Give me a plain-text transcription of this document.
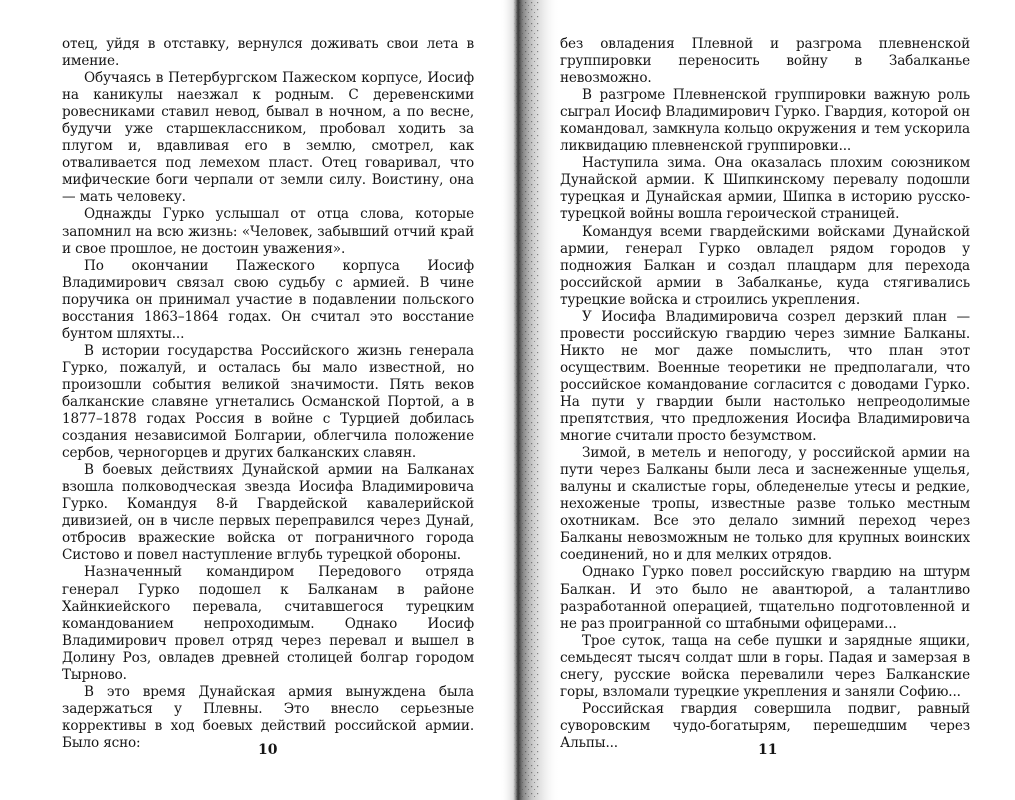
отец, уйдя в отставку, вернулся доживать свои лета в имение.

Обучаясь в Петербургском Пажеском корпусе, Иосиф на каникулы наезжал к родным. С деревенскими ровесниками ставил невод, бывал в ночном, а по весне, будучи уже старшеклассником, пробовал ходить за плугом и, вдавливая его в землю, смотрел, как отваливается под лемехом пласт. Отец говаривал, что мифические боги черпали от земли силу. Воистину, она — мать человеку.

Однажды Гурко услышал от отца слова, которые запомнил на всю жизнь: «Человек, забывший отчий край и свое прошлое, не достоин уважения».

По окончании Пажеского корпуса Иосиф Владимирович связал свою судьбу с армией. В чине поручика он принимал участие в подавлении польского восстания 1863–1864 годах. Он считал это восстание бунтом шляхты...

В истории государства Российского жизнь генерала Гурко, пожалуй, и осталась бы мало известной, но произошли события великой значимости. Пять веков балканские славяне угнетались Османской Портой, а в 1877–1878 годах Россия в войне с Турцией добилась создания независимой Болгарии, облегчила положение сербов, черногорцев и других балканских славян.

В боевых действиях Дунайской армии на Балканах взошла полководческая звезда Иосифа Владимировича Гурко. Командуя 8-й Гвардейской кавалерийской дивизией, он в числе первых переправился через Дунай, отбросив вражеские войска от пограничного города Систово и повел наступление вглубь турецкой обороны.

Назначенный командиром Передового отряда генерал Гурко подошел к Балканам в районе Хайнкиейского перевала, считавшегося турецким командованием непроходимым. Однако Иосиф Владимирович провел отряд через перевал и вышел в Долину Роз, овладев древней столицей болгар городом Тырново.

В это время Дунайская армия вынуждена была задержаться у Плевны. Это внесло серьезные коррективы в ход боевых действий российской армии. Было ясно:	10

без овладения Плевной и разгрома плевненской группировки переносить войну в Забалканье невозможно.

В разгроме Плевненской группировки важную роль сыграл Иосиф Владимирович Гурко. Гвардия, которой он командовал, замкнула кольцо окружения и тем ускорила ликвидацию плевненской группировки...

Наступила зима. Она оказалась плохим союзником Дунайской армии. К Шипкинскому перевалу подошли турецкая и Дунайская армии, Шипка в историю русско-турецкой войны вошла героической страницей.

Командуя всеми гвардейскими войсками Дунайской армии, генерал Гурко овладел рядом городов у подножия Балкан и создал плацдарм для перехода российской армии в Забалканье, куда стягивались турецкие войска и строились укрепления.

У Иосифа Владимировича созрел дерзкий план — провести российскую гвардию через зимние Балканы. Никто не мог даже помыслить, что план этот осуществим. Военные теоретики не предполагали, что российское командование согласится с доводами Гурко. На пути у гвардии были настолько непреодолимые препятствия, что предложения Иосифа Владимировича многие считали просто безумством.

Зимой, в метель и непогоду, у российской армии на пути через Балканы были леса и заснеженные ущелья, валуны и скалистые горы, обледенелые утесы и редкие, нехоженые тропы, известные разве только местным охотникам. Все это делало зимний переход через Балканы невозможным не только для крупных воинских соединений, но и для мелких отрядов.

Однако Гурко повел российскую гвардию на штурм Балкан. И это было не авантюрой, а талантливо разработанной операцией, тщательно подготовленной и не раз проигранной со штабными офицерами...

Трое суток, таща на себе пушки и зарядные ящики, семьдесят тысяч солдат шли в горы. Падая и замерзая в снегу, русские войска перевалили через Балканские горы, взломали турецкие укрепления и заняли Софию...

Российская гвардия совершила подвиг, равный суворовским чудо-богатырям, перешедшим через Альпы...	11
